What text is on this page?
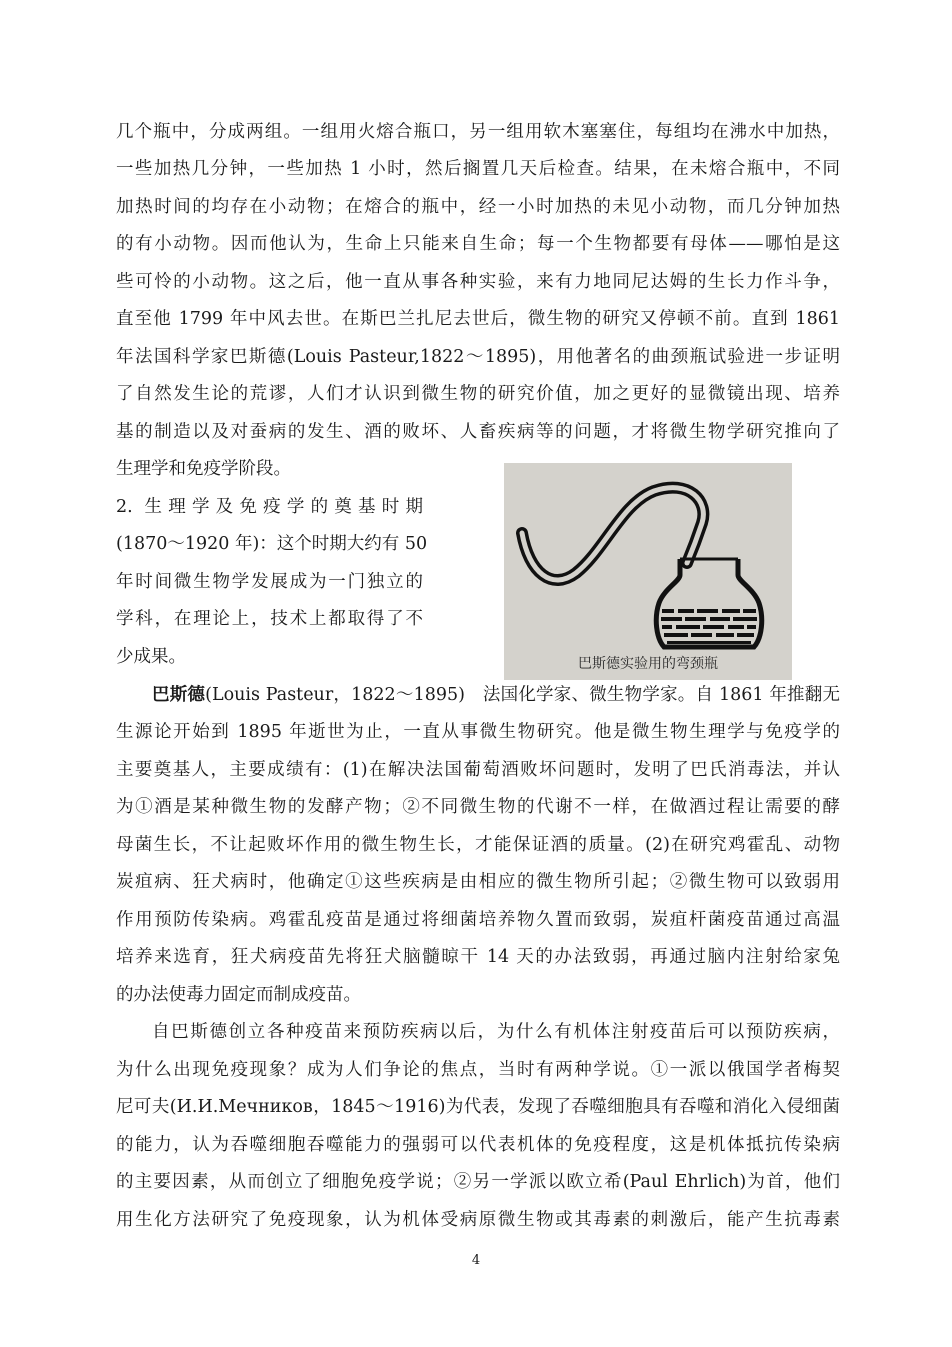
几个瓶中，分成两组。一组用火熔合瓶口，另一组用软木塞塞住，每组均在沸水中加热，
一些加热几分钟，一些加热 1 小时，然后搁置几天后检查。结果，在未熔合瓶中，不同
加热时间的均存在小动物；在熔合的瓶中，经一小时加热的未见小动物，而几分钟加热
的有小动物。因而他认为，生命上只能来自生命；每一个生物都要有母体——哪怕是这
些可怜的小动物。这之后，他一直从事各种实验，来有力地同尼达姆的生长力作斗争，
直至他 1799 年中风去世。在斯巴兰扎尼去世后，微生物的研究又停顿不前。直到 1861
年法国科学家巴斯德(Louis Pasteur,1822～1895)，用他著名的曲颈瓶试验进一步证明
了自然发生论的荒谬，人们才认识到微生物的研究价值，加之更好的显微镜出现、培养
基的制造以及对蚕病的发生、酒的败坏、人畜疾病等的问题，才将微生物学研究推向了
生理学和免疫学阶段。
2. 生理学及免疫学的奠基时期
(1870～1920 年)：这个时期大约有 50
年时间微生物学发展成为一门独立的
学科，在理论上，技术上都取得了不
少成果。	巴斯德实验用的弯颈瓶
巴斯德(Louis Pasteur，1822～1895)　法国化学家、微生物学家。自 1861 年推翻无
生源论开始到 1895 年逝世为止，一直从事微生物研究。他是微生物生理学与免疫学的
主要奠基人，主要成绩有：(1)在解决法国葡萄酒败坏问题时，发明了巴氏消毒法，并认
为①酒是某种微生物的发酵产物；②不同微生物的代谢不一样，在做酒过程让需要的酵
母菌生长，不让起败坏作用的微生物生长，才能保证酒的质量。(2)在研究鸡霍乱、动物
炭疽病、狂犬病时，他确定①这些疾病是由相应的微生物所引起；②微生物可以致弱用
作用预防传染病。鸡霍乱疫苗是通过将细菌培养物久置而致弱，炭疽杆菌疫苗通过高温
培养来选育，狂犬病疫苗先将狂犬脑髓晾干 14 天的办法致弱，再通过脑内注射给家兔
的办法使毒力固定而制成疫苗。
自巴斯德创立各种疫苗来预防疾病以后，为什么有机体注射疫苗后可以预防疾病，
为什么出现免疫现象？成为人们争论的焦点，当时有两种学说。①一派以俄国学者梅契
尼可夫(И.И.Мечников，1845～1916)为代表，发现了吞噬细胞具有吞噬和消化入侵细菌
的能力，认为吞噬细胞吞噬能力的强弱可以代表机体的免疫程度，这是机体抵抗传染病
的主要因素，从而创立了细胞免疫学说；②另一学派以欧立希(Paul Ehrlich)为首，他们
用生化方法研究了免疫现象，认为机体受病原微生物或其毒素的刺激后，能产生抗毒素
4
